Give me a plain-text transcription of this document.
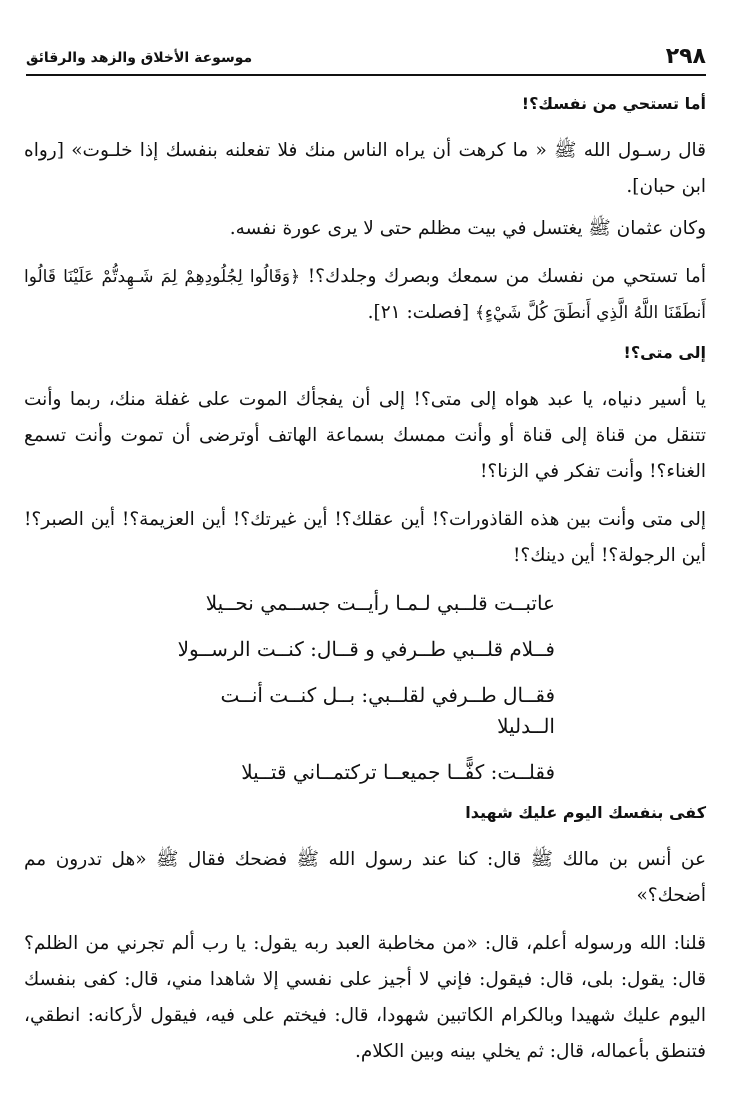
٢٩٨
موسوعة الأخلاق والزهد والرقائق
أما تستحي من نفسك؟!

قال رسـول الله ﷺ « ما كرهت أن يراه الناس منك فلا تفعلنه بنفسك إذا خلـوت» [رواه ابن حبان].

وكان عثمان ﷺ يغتسل في بيت مظلم حتى لا يرى عورة نفسه.

أما تستحي من نفسك من سمعك وبصرك وجلدك؟! ﴿وَقَالُوا لِجُلُودِهِمْ لِمَ شَـهِدتُّمْ عَلَيْنَا قَالُوا أَنطَقَنَا اللَّهُ الَّذِي أَنطَقَ كُلَّ شَيْءٍ﴾ [فصلت: ٢١].

إلى متى؟!

يا أسير دنياه، يا عبد هواه إلى متى؟! إلى أن يفجأك الموت على غفلة منك، ربما وأنت تتنقل من قناة إلى قناة أو وأنت ممسك بسماعة الهاتف أوترضى أن تموت وأنت تسمع الغناء؟! وأنت تفكر في الزنا؟!

إلى متى وأنت بين هذه القاذورات؟! أين عقلك؟! أين غيرتك؟! أين العزيمة؟! أين الصبر؟! أين الرجولة؟! أين دينك؟!

عاتبــت قلــبي لـمـا رأيــت جســمي نحــيلا
فــلام قلــبي طــرفي و قــال: كنــت الرســولا
فقــال طــرفي لقلــبي: بــل كنــت أنــت الــدليلا
فقلــت: كفًّــا جميعــا تركتمــاني قتــيلا
كفى بنفسك اليوم عليك شهيدا

عن أنس بن مالك ﷺ قال: كنا عند رسول الله ﷺ فضحك فقال ﷺ «هل تدرون مم أضحك؟»

قلنا: الله ورسوله أعلم، قال: «من مخاطبة العبد ربه يقول: يا رب ألم تجرني من الظلم؟ قال: يقول: بلى، قال: فيقول: فإني لا أجيز على نفسي إلا شاهدا مني، قال: كفى بنفسك اليوم عليك شهيدا وبالكرام الكاتبين شهودا، قال: فيختم على فيه، فيقول لأركانه: انطقي، فتنطق بأعماله، قال: ثم يخلي بينه وبين الكلام.
